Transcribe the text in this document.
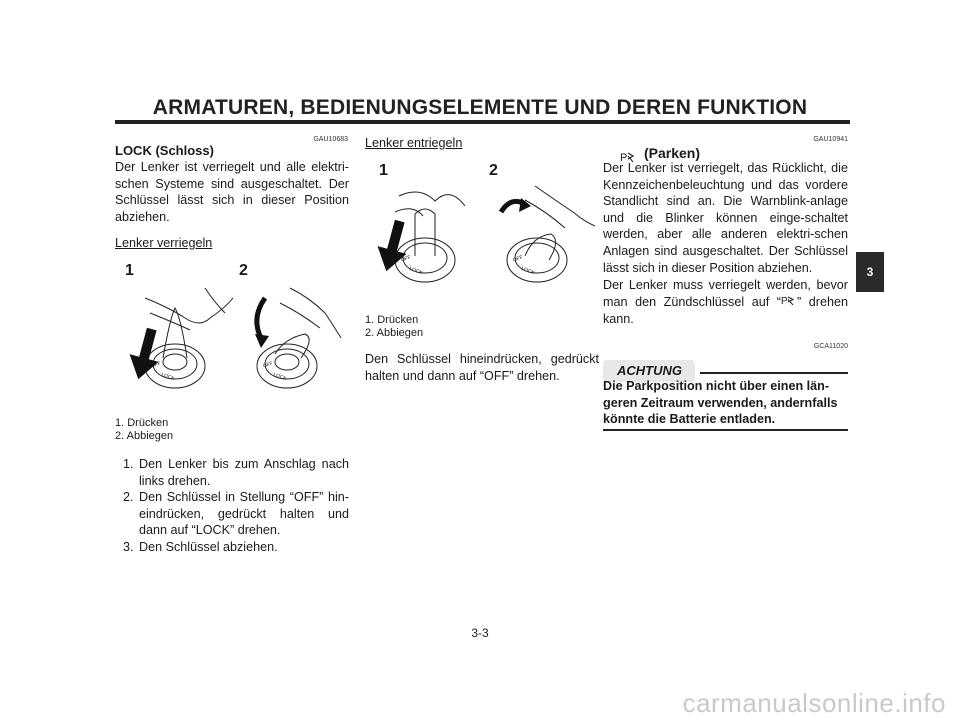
ARMATUREN, BEDIENUNGSELEMENTE UND DEREN FUNKTION
GAU10683
LOCK (Schloss)
Der Lenker ist verriegelt und alle elektri-schen Systeme sind ausgeschaltet. Der Schlüssel lässt sich in dieser Position abziehen.
Lenker verriegeln
1	2
LOCK
OFF
LOCK
OFF
1. Drücken
2. Abbiegen
1. Den Lenker bis zum Anschlag nach links drehen.
2. Den Schlüssel in Stellung “OFF” hin-eindrücken, gedrückt halten und dann auf “LOCK” drehen.
3. Den Schlüssel abziehen.
Lenker entriegeln
1	2
LOCK
OFF
LOCK
OFF
1. Drücken
2. Abbiegen
Den Schlüssel hineindrücken, gedrückt halten und dann auf “OFF” drehen.
GAU10941
P (Parken)
Der Lenker ist verriegelt, das Rücklicht, die Kennzeichenbeleuchtung und das vordere Standlicht sind an. Die Warnblink-anlage und die Blinker können einge-schaltet werden, aber alle anderen elektri-schen Anlagen sind ausgeschaltet. Der Schlüssel lässt sich in dieser Position abziehen.
Der Lenker muss verriegelt werden, bevor man den Zündschlüssel auf “ P ” drehen kann.
GCA11020
ACHTUNG
Die Parkposition nicht über einen län-geren Zeitraum verwenden, andernfalls könnte die Batterie entladen.
3
3-3
carmanualsonline.info
